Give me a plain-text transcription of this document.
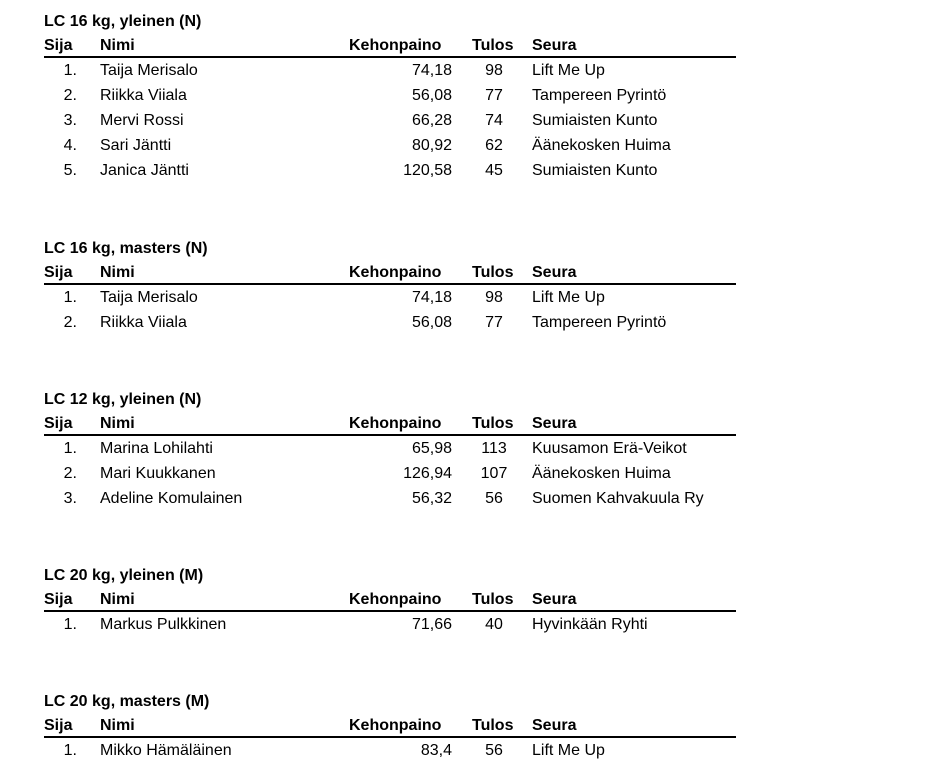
LC 16 kg, yleinen (N)
Sija Nimi	Kehonpaino Tulos Seura
1. Taija Merisalo	74,18	98	Lift Me Up
2. Riikka Viiala	56,08	77	Tampereen Pyrintö
3. Mervi Rossi	66,28	74	Sumiaisten Kunto
4. Sari Jäntti	80,92	62	Äänekosken Huima
5. Janica Jäntti	120,58	45	Sumiaisten Kunto
LC 16 kg, masters (N)
Sija Nimi	Kehonpaino Tulos Seura
1. Taija Merisalo	74,18	98	Lift Me Up
2. Riikka Viiala	56,08	77	Tampereen Pyrintö
LC 12 kg, yleinen (N)
Sija Nimi	Kehonpaino Tulos Seura
1. Marina Lohilahti	65,98	113	Kuusamon Erä-Veikot
2. Mari Kuukkanen	126,94	107	Äänekosken Huima
3. Adeline Komulainen	56,32	56	Suomen Kahvakuula Ry
LC 20 kg, yleinen (M)
Sija Nimi	Kehonpaino Tulos Seura
1. Markus Pulkkinen	71,66	40	Hyvinkään Ryhti
LC 20 kg, masters (M)
Sija Nimi	Kehonpaino Tulos Seura
1. Mikko Hämäläinen	83,4	56	Lift Me Up
